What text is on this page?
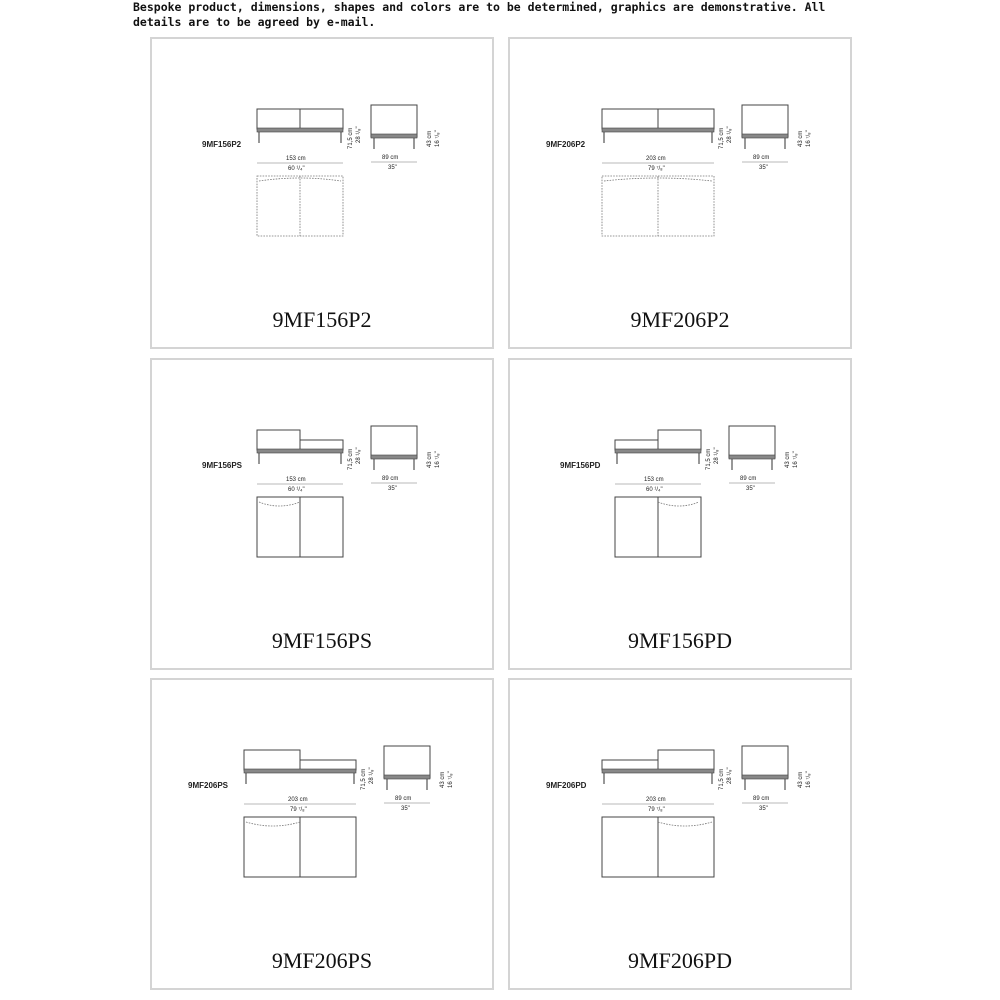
Bespoke product, dimensions, shapes and colors are to be determined, graphics are demonstrative. All details are to be agreed by e-mail.
9MF156P2
153 cm
60 ¹/₄"
71,5 cm 28 ¹/₈"
89 cm
35"
43 cm 16 ⁷/₈"
9MF156P2
9MF206P2
203 cm
79 ⁷/₈"
71,5 cm 28 ¹/₈"
89 cm
35"
43 cm 16 ⁷/₈"
9MF206P2
9MF156PS
153 cm
60 ¹/₄"
71,5 cm 28 ¹/₈"
89 cm
35"
43 cm 16 ⁷/₈"
9MF156PS
9MF156PD
153 cm
60 ¹/₄"
71,5 cm 28 ¹/₈"
89 cm
35"
43 cm 16 ⁷/₈"
9MF156PD
9MF206PS
203 cm
79 ⁷/₈"
71,5 cm 28 ¹/₈"
89 cm
35"
43 cm 16 ⁷/₈"
9MF206PS
9MF206PD
203 cm
79 ⁷/₈"
71,5 cm 28 ¹/₈"
89 cm
35"
43 cm 16 ⁷/₈"
9MF206PD
